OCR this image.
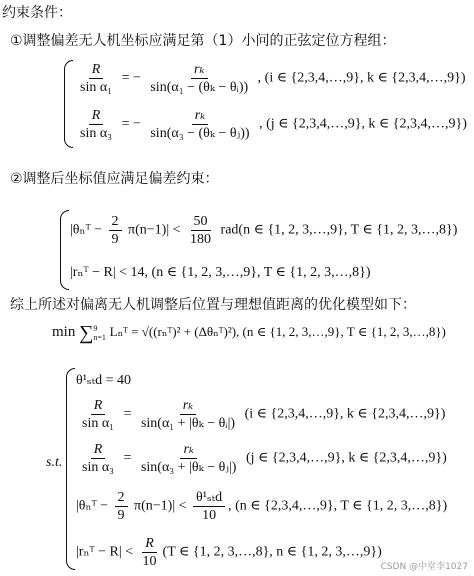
约束条件：
①调整偏差无人机坐标应满足第（1）小问的正弦定位方程组：
$\frac{R}{\text{sin α₁}}$ = − $\frac{\text{rₖ}}{\text{sin(α₁ − (θₖ − θᵢ))}}$ , (i ∈ {2,3,4,…,9}, k ∈ {2,3,4,…,9})
$\frac{R}{\text{sin α₃}}$ = − $\frac{\text{rₖ}}{\text{sin(α₃ − (θₖ − θⱼ))}}$ , (j ∈ {2,3,4,…,9}, k ∈ {2,3,4,…,9})
②调整后坐标值应满足偏差约束：
|θₙᵀ − $\frac{2}{9} \pi(n-1)| < \frac{50}{180} rad(n$ ∈ {1, 2, 3,…,9}, T ∈ {1, 2, 3,…,8})
|rₙᵀ − R| < 14, (n ∈ {1, 2, 3,…,9}, T ∈ {1, 2, 3,…,8})
综上所述对偏离无人机调整后位置与理想值距离的优化模型如下：
min ∑ 9
n=1 Lₙᵀ = √((rₙᵀ)² + (Δθₙᵀ)²), (n ∈ {1, 2, 3,…,9}, T ∈ {1, 2, 3,…,8})
s.t.
θ¹ₛₜd = 40
$\frac{R}{\text{sin α₁}} = \frac{\text{rₖ}}{\text{sin(α₁ + |θₖ − θᵢ|)}} (i$ ∈ {2,3,4,…,9}, k ∈ {2,3,4,…,9})
$\frac{R}{\text{sin α₃}} = \frac{\text{rₖ}}{\text{sin(α₃ + |θₖ − θⱼ|)}} (j$ ∈ {2,3,4,…,9}, k ∈ {2,3,4,…,9})
|θₙᵀ − $\frac{2}{9} \pi(n-1)| < \frac{\text{θ¹ₛₜd}}{10}$ , (n ∈ {2,3,4,…,9}, T ∈ {1, 2, 3,…,8})
|rₙᵀ − $R| < \frac{R}{10} (T$ ∈ {1, 2, 3,…,8}, n ∈ {1, 2, 3,…,9})
CSDN @中堂李1027
